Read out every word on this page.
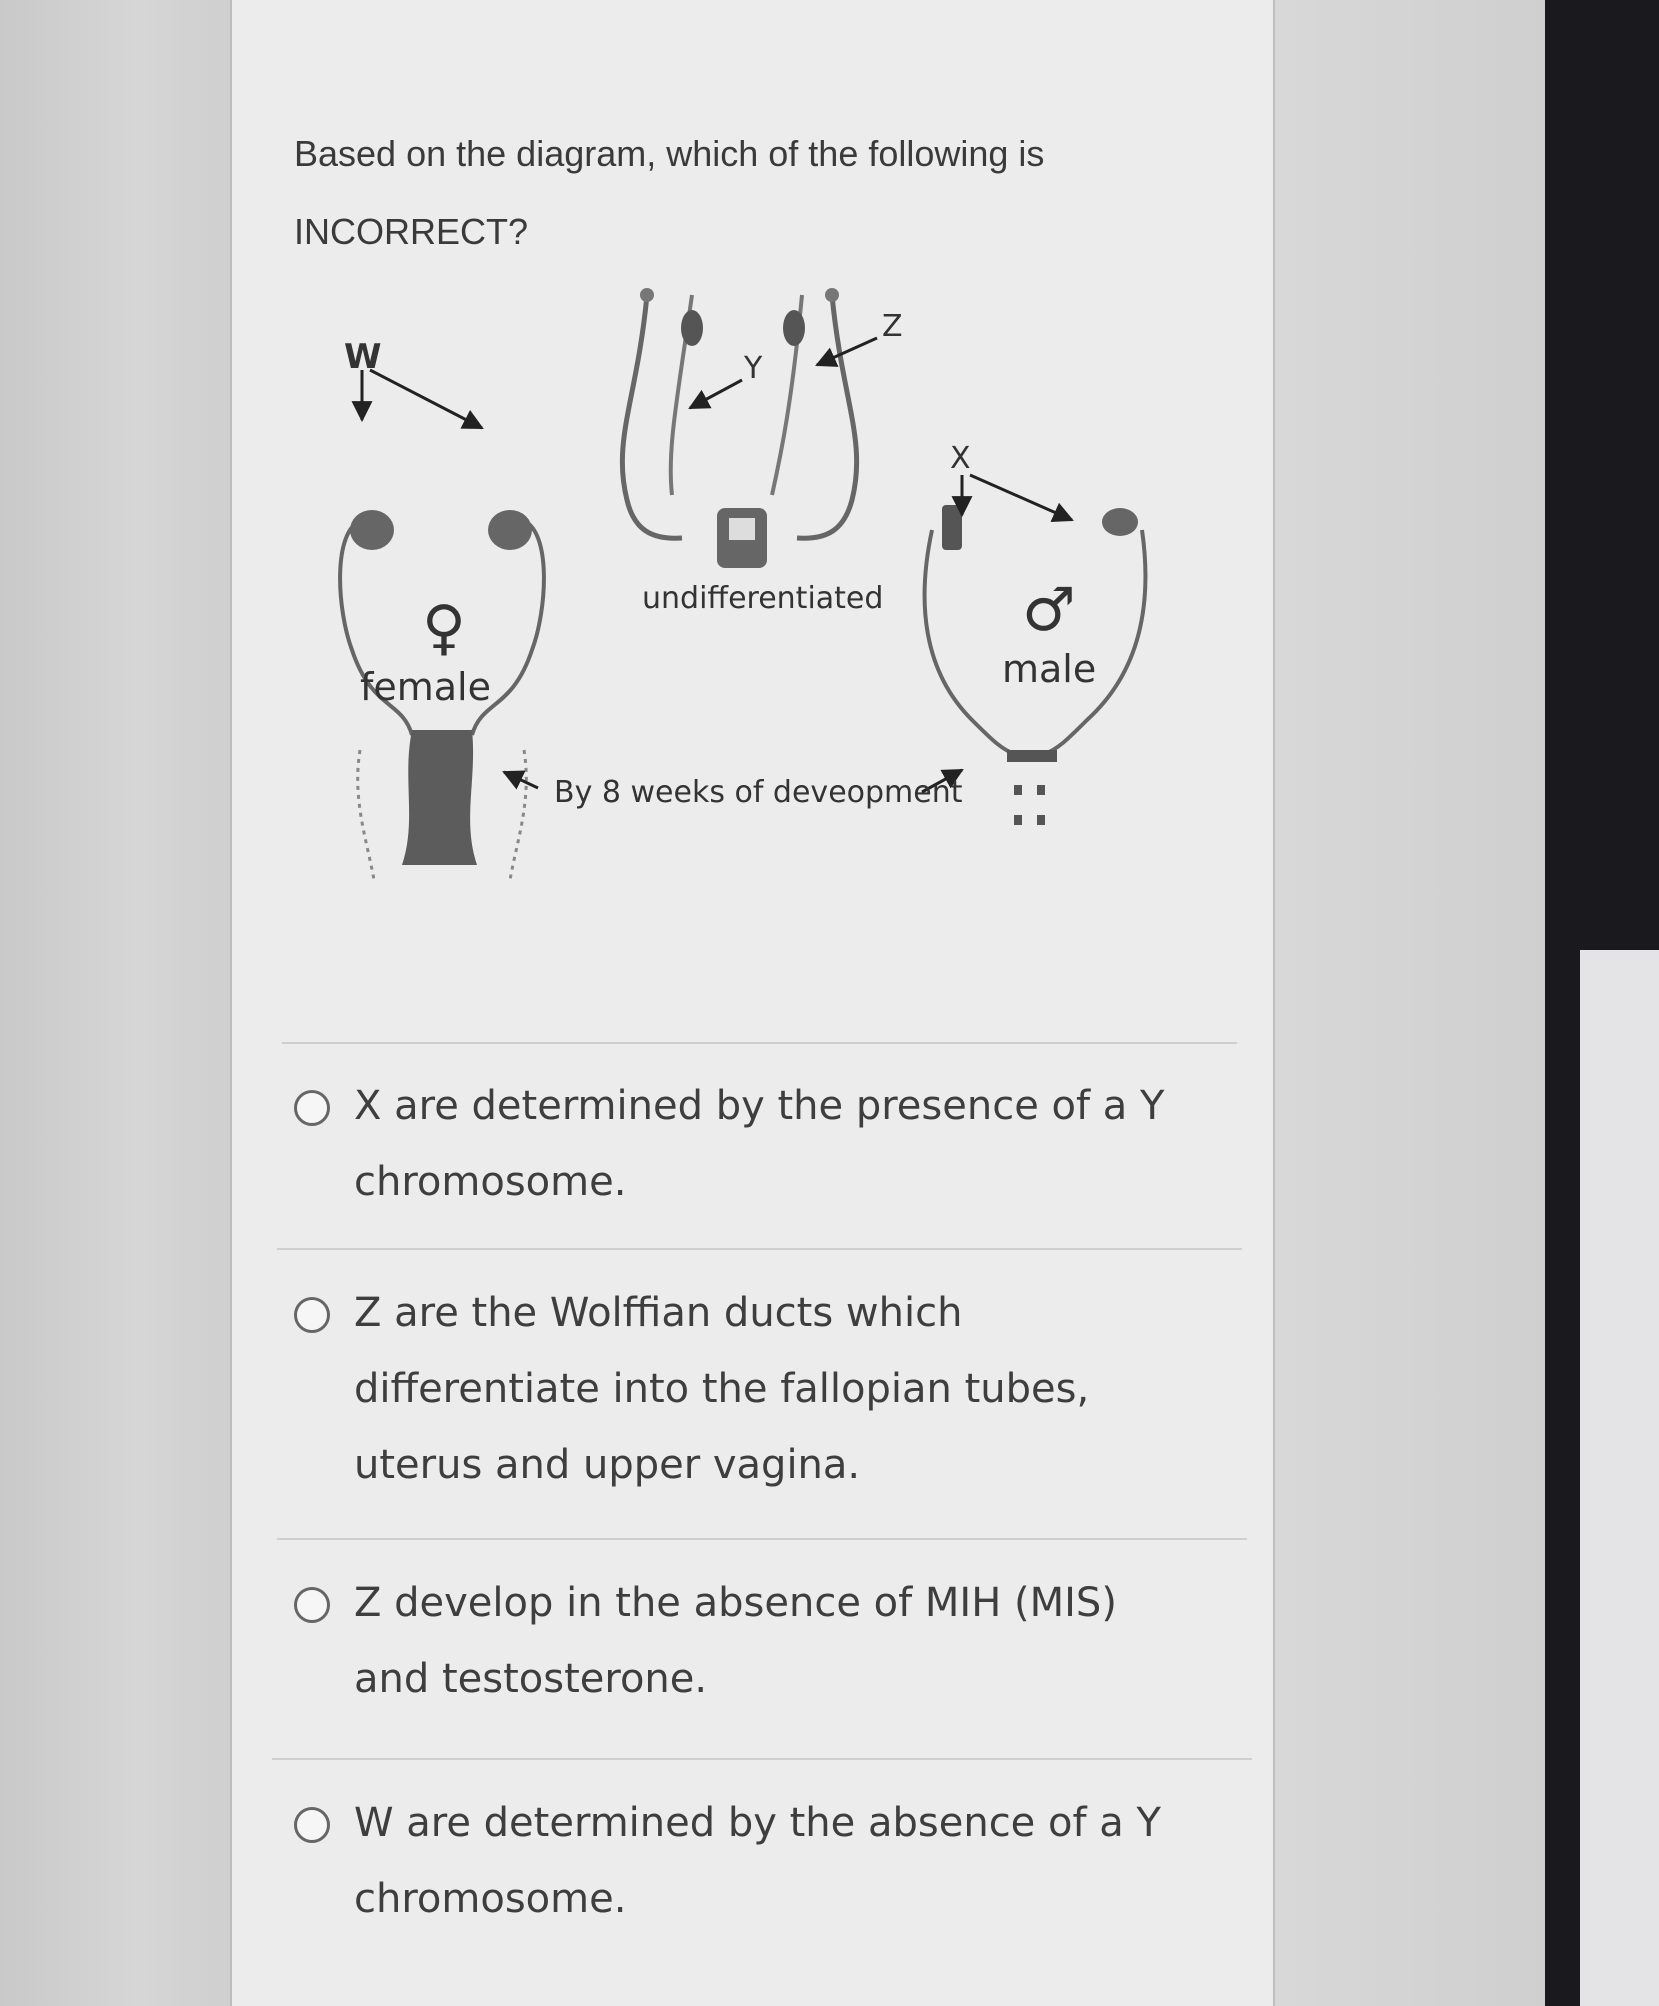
Based on the diagram, which of the following is
INCORRECT?
W
X
Y
Z
♀	♂
female	male
undifferentiated
By 8 weeks of deveopment
X are determined by the presence of a Y chromosome.
Z are the Wolffian ducts which differentiate into the fallopian tubes, uterus and upper vagina.
Z develop in the absence of MIH (MIS) and testosterone.
W are determined by the absence of a Y chromosome.
